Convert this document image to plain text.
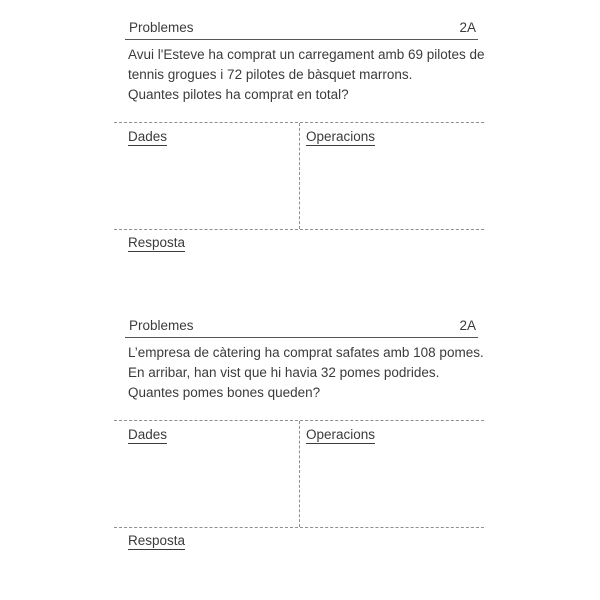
Problemes	2A
Avui l'Esteve ha comprat un carregament amb 69 pilotes de
tennis grogues i 72 pilotes de bàsquet marrons.
Quantes pilotes ha comprat en total?
Dades	Operacions
Resposta
Problemes	2A
L’empresa de càtering ha comprat safates amb 108 pomes.
En arribar, han vist que hi havia 32 pomes podrides.
Quantes pomes bones queden?
Dades	Operacions
Resposta
